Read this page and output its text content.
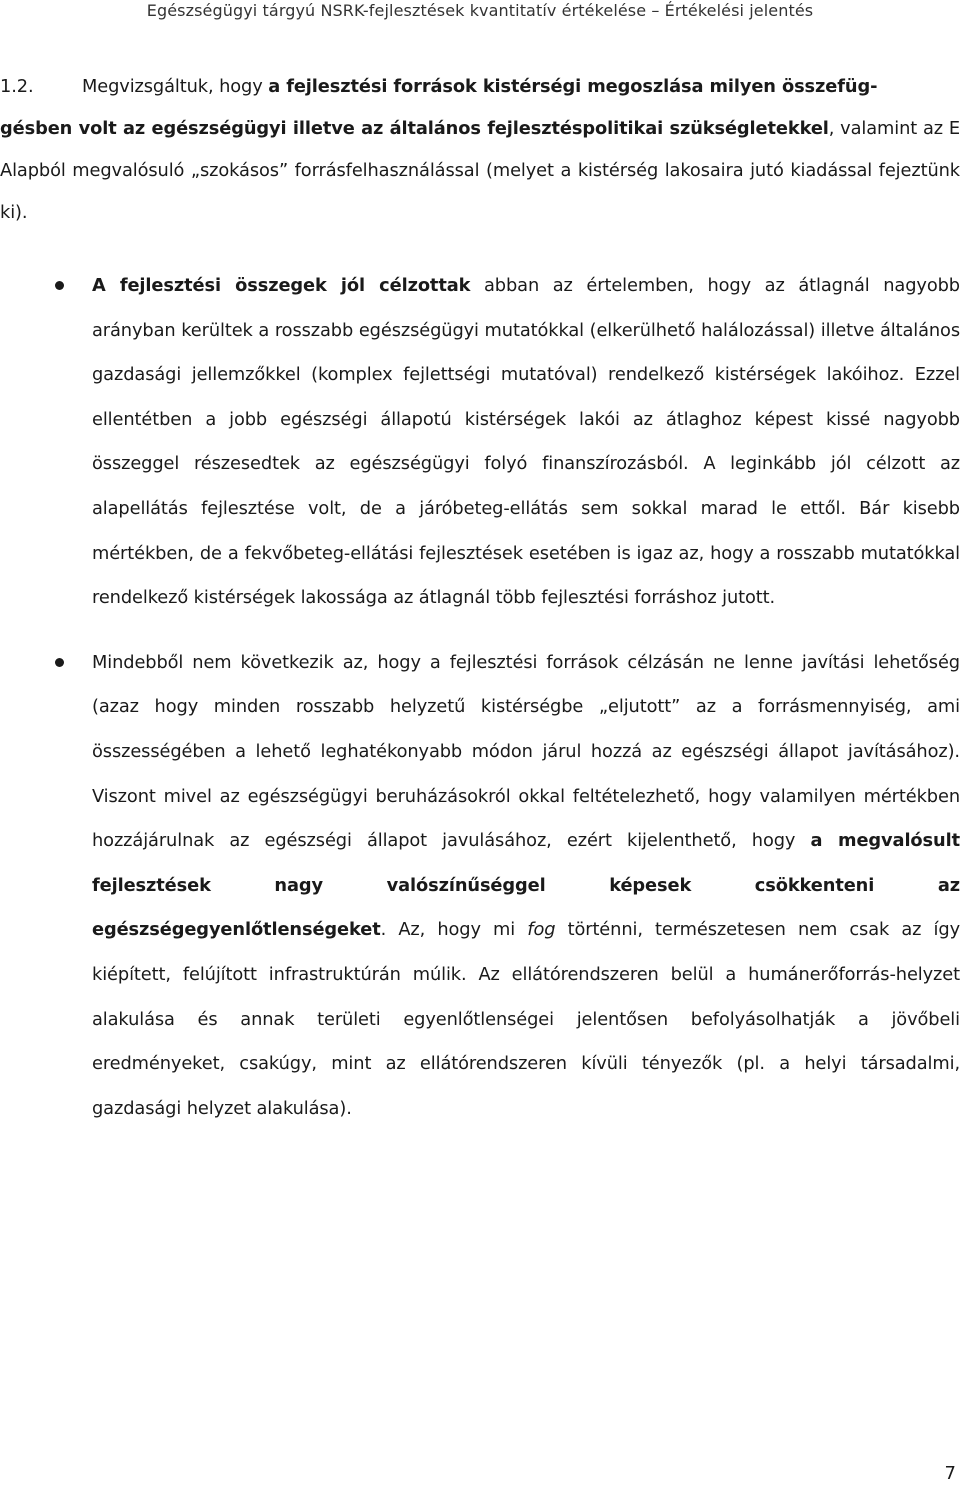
Egészségügyi tárgyú NSRK-fejlesztések kvantitatív értékelése – Értékelési jelentés
1.2.	Megvizsgáltuk, hogy a fejlesztési források kistérségi megoszlása milyen összefüg-
gésben volt az egészségügyi illetve az általános fejlesztéspolitikai szükségletekkel, valamint az E Alapból megvalósuló „szokásos” forrásfelhasználással (melyet a kistérség lakosaira jutó kiadással fejeztünk ki).
A fejlesztési összegek jól célzottak abban az értelemben, hogy az átlagnál nagyobb arányban kerültek a rosszabb egészségügyi mutatókkal (elkerülhető halálozással) illetve általános gazdasági jellemzőkkel (komplex fejlettségi mutatóval) rendelkező kistérségek lakóihoz. Ezzel ellentétben a jobb egészségi állapotú kistérségek lakói az átlaghoz képest kissé nagyobb összeggel részesedtek az egészségügyi folyó finanszírozásból. A leginkább jól célzott az alapellátás fejlesztése volt, de a járóbeteg-ellátás sem sokkal marad le ettől. Bár kisebb mértékben, de a fekvőbeteg-ellátási fejlesztések esetében is igaz az, hogy a rosszabb mutatókkal rendelkező kistérségek lakossága az átlagnál több fejlesztési forráshoz jutott.
Mindebből nem következik az, hogy a fejlesztési források célzásán ne lenne javítási lehetőség (azaz hogy minden rosszabb helyzetű kistérségbe „eljutott” az a forrásmennyiség, ami összességében a lehető leghatékonyabb módon járul hozzá az egészségi állapot javításához). Viszont mivel az egészségügyi beruházásokról okkal feltételezhető, hogy valamilyen mértékben hozzájárulnak az egészségi állapot javulásához, ezért kijelenthető, hogy a megvalósult fejlesztések nagy valószínűséggel képesek csökkenteni az egészségegyenlőtlenségeket. Az, hogy mi fog történni, természetesen nem csak az így kiépített, felújított infrastruktúrán múlik. Az ellátórendszeren belül a humánerőforrás-helyzet alakulása és annak területi egyenlőtlenségei jelentősen befolyásolhatják a jövőbeli eredményeket, csakúgy, mint az ellátórendszeren kívüli tényezők (pl. a helyi társadalmi, gazdasági helyzet alakulása).
7
